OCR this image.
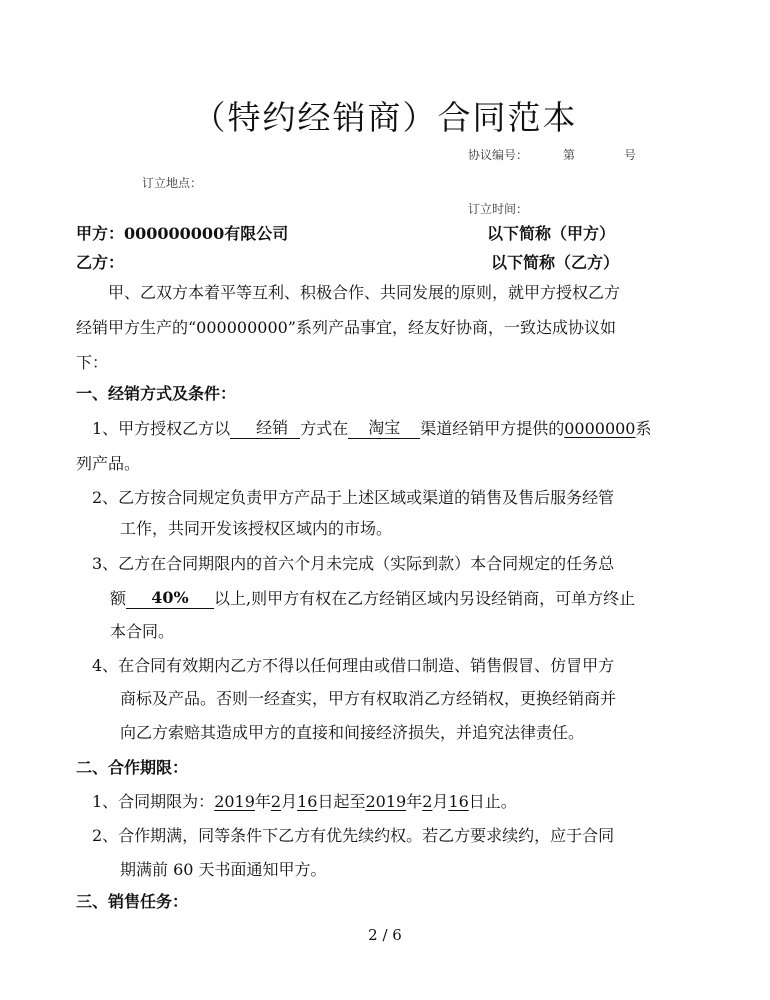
（特约经销商）合同范本
协议编号：	第	号
订立地点：
订立时间：
甲方：000000000有限公司	以下简称（甲方）
乙方：	以下简称（乙方）
甲、乙双方本着平等互利、积极合作、共同发展的原则，就甲方授权乙方
经销甲方生产的“000000000”系列产品事宜，经友好协商，一致达成协议如
下：
一、经销方式及条件：
1、甲方授权乙方以 经销 方式在 淘宝 渠道经销甲方提供的0000000系
列产品。
2、乙方按合同规定负责甲方产品于上述区域或渠道的销售及售后服务经管
工作，共同开发该授权区域内的市场。
3、乙方在合同期限内的首六个月未完成（实际到款）本合同规定的任务总
额 40% 以上,则甲方有权在乙方经销区域内另设经销商，可单方终止
本合同。
4、在合同有效期内乙方不得以任何理由或借口制造、销售假冒、仿冒甲方
商标及产品。否则一经查实，甲方有权取消乙方经销权，更换经销商并
向乙方索赔其造成甲方的直接和间接经济损失，并追究法律责任。
二、合作期限：
1、合同期限为：2019年2月16日起至2019年2月16日止。
2、合作期满，同等条件下乙方有优先续约权。若乙方要求续约，应于合同
期满前 60 天书面通知甲方。
三、销售任务：
2 / 6
